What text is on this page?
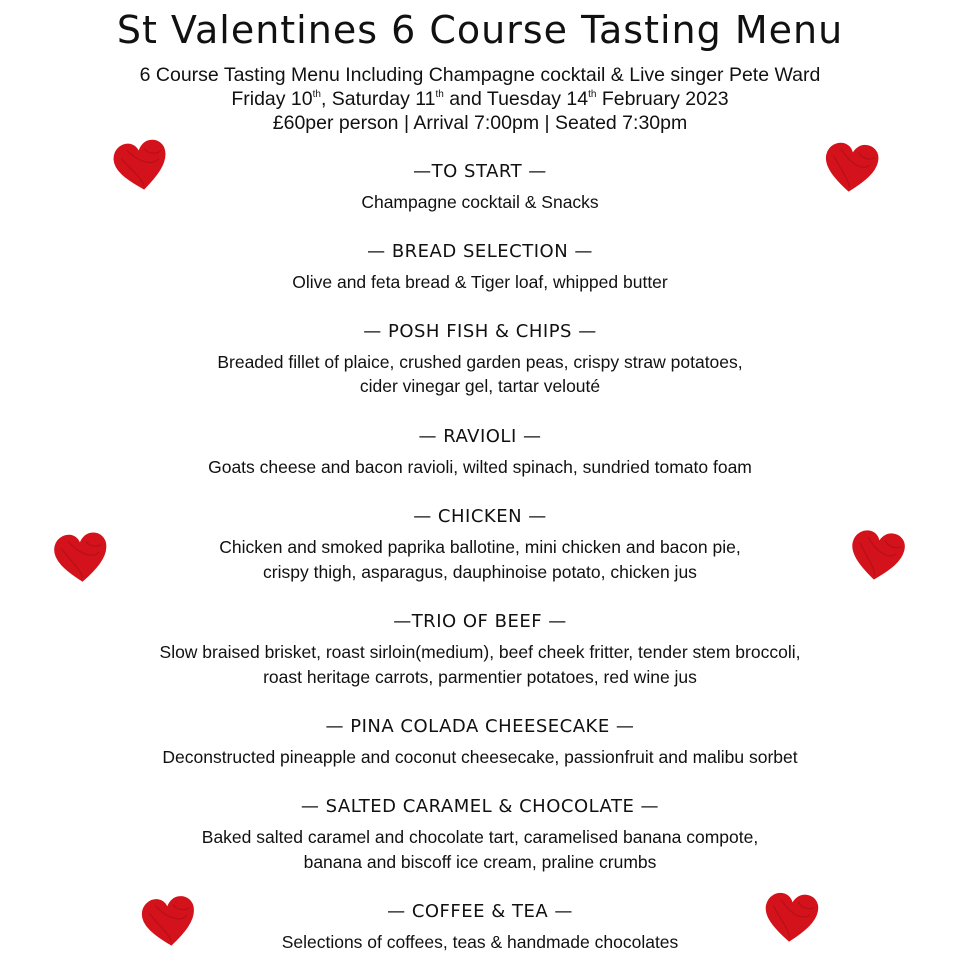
St Valentines 6 Course Tasting Menu
6 Course Tasting Menu Including Champagne cocktail & Live singer Pete Ward
Friday 10th, Saturday 11th and Tuesday 14th February 2023
£60per person | Arrival 7:00pm | Seated 7:30pm
—TO START —
Champagne cocktail & Snacks
— BREAD SELECTION —
Olive and feta bread & Tiger loaf, whipped butter
— POSH FISH & CHIPS —
Breaded fillet of plaice, crushed garden peas, crispy straw potatoes,
cider vinegar gel, tartar velouté
— RAVIOLI —
Goats cheese and bacon ravioli, wilted spinach, sundried tomato foam
— CHICKEN —
Chicken and smoked paprika ballotine, mini chicken and bacon pie,
crispy thigh, asparagus, dauphinoise potato, chicken jus
—TRIO OF BEEF —
Slow braised brisket, roast sirloin(medium), beef cheek fritter, tender stem broccoli,
roast heritage carrots, parmentier potatoes, red wine jus
— PINA COLADA CHEESECAKE —
Deconstructed pineapple and coconut cheesecake, passionfruit and malibu sorbet
— SALTED CARAMEL & CHOCOLATE —
Baked salted caramel and chocolate tart, caramelised banana compote,
banana and biscoff ice cream, praline crumbs
— COFFEE & TEA —
Selections of coffees, teas & handmade chocolates
